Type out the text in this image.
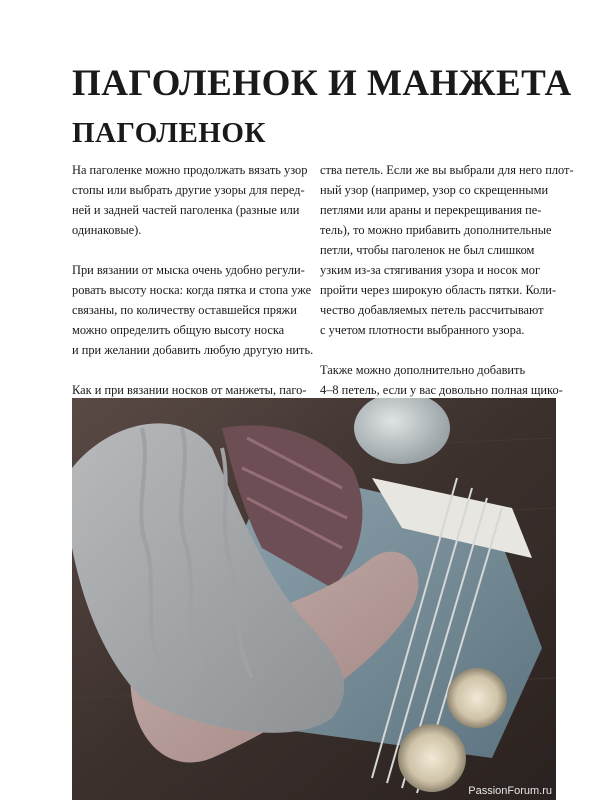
ПАГОЛЕНОК И МАНЖЕТА
ПАГОЛЕНОК

На паголенке можно продолжать вязать узор
стопы или выбрать другие узоры для перед-
ней и задней частей паголенка (разные или
одинаковые).

При вязании от мыска очень удобно регули-
ровать высоту носка: когда пятка и стопа уже
связаны, по количеству оставшейся пряжи
можно определить общую высоту носка
и при желании добавить любую другую нить.

Как и при вязании носков от манжеты, паго-

ства петель. Если же вы выбрали для него плот-
ный узор (например, узор со скрещенными
петлями или араны и перекрещивания пе-
тель), то можно прибавить дополнительные
петли, чтобы паголенок не был слишком
узким из-за стягивания узора и носок мог
пройти через широкую область пятки. Коли-
чество добавляемых петель рассчитывают
с учетом плотности выбранного узора.

Также можно дополнительно добавить
4–8 петель, если у вас довольно полная щико-

PassionForum.ru
